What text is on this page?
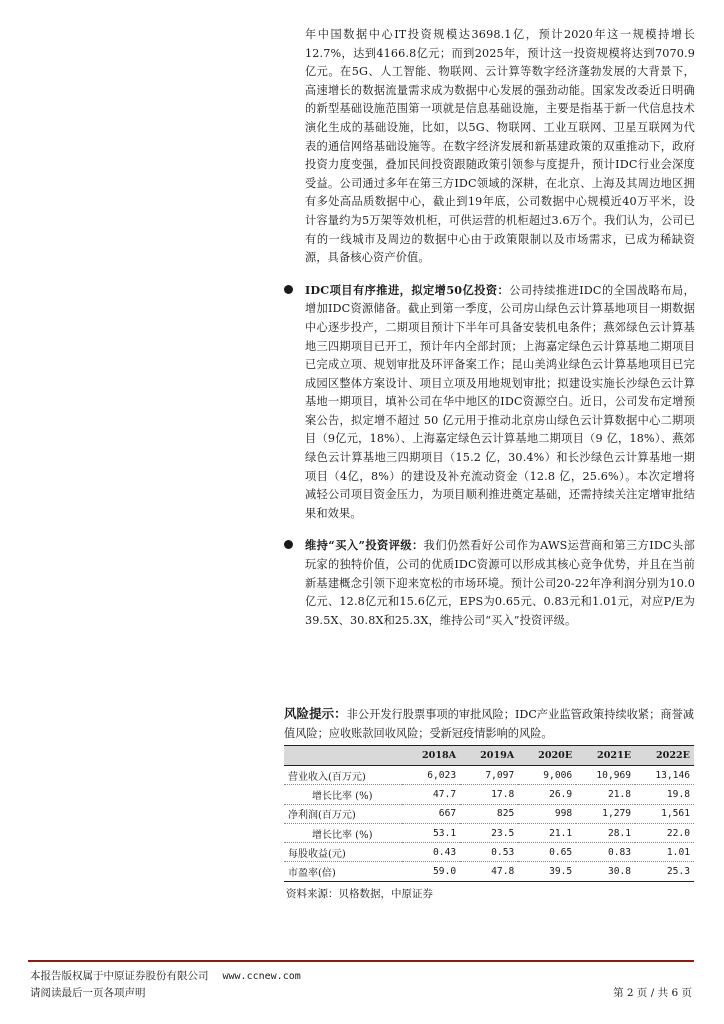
年中国数据中心IT投资规模达3698.1亿，预计2020年这一规模持增长12.7%，达到4166.8亿元；而到2025年，预计这一投资规模将达到7070.9亿元。在5G、人工智能、物联网、云计算等数字经济蓬勃发展的大背景下，高速增长的数据流量需求成为数据中心发展的强劲动能。国家发改委近日明确的新型基础设施范围第一项就是信息基础设施，主要是指基于新一代信息技术演化生成的基础设施，比如，以5G、物联网、工业互联网、卫星互联网为代表的通信网络基础设施等。在数字经济发展和新基建政策的双重推动下，政府投资力度变强，叠加民间投资跟随政策引领参与度提升，预计IDC行业会深度受益。公司通过多年在第三方IDC领域的深耕，在北京、上海及其周边地区拥有多处高品质数据中心，截止到19年底，公司数据中心规模近40万平米，设计容量约为5万架等效机柜，可供运营的机柜超过3.6万个。我们认为，公司已有的一线城市及周边的数据中心由于政策限制以及市场需求，已成为稀缺资源，具备核心资产价值。

IDC项目有序推进，拟定增50亿投资：公司持续推进IDC的全国战略布局，增加IDC资源储备。截止到第一季度，公司房山绿色云计算基地项目一期数据中心逐步投产，二期项目预计下半年可具备安装机电条件；燕郊绿色云计算基地三四期项目已开工，预计年内全部封顶；上海嘉定绿色云计算基地二期项目已完成立项、规划审批及环评备案工作；昆山美鸿业绿色云计算基地项目已完成园区整体方案设计、项目立项及用地规划审批；拟建设实施长沙绿色云计算基地一期项目，填补公司在华中地区的IDC资源空白。近日，公司发布定增预案公告，拟定增不超过 50 亿元用于推动北京房山绿色云计算数据中心二期项目（9亿元，18%）、上海嘉定绿色云计算基地二期项目（9 亿，18%）、燕郊绿色云计算基地三四期项目（15.2 亿，30.4%）和长沙绿色云计算基地一期项目（4亿，8%）的建设及补充流动资金（12.8 亿，25.6%）。本次定增将减轻公司项目资金压力，为项目顺利推进奠定基础，还需持续关注定增审批结果和效果。

维持“买入”投资评级：我们仍然看好公司作为AWS运营商和第三方IDC头部玩家的独特价值，公司的优质IDC资源可以形成其核心竞争优势，并且在当前新基建概念引领下迎来宽松的市场环境。预计公司20-22年净利润分别为10.0亿元、12.8亿元和15.6亿元，EPS为0.65元、0.83元和1.01元，对应P/E为39.5X、30.8X和25.3X，维持公司“买入”投资评级。

风险提示：非公开发行股票事项的审批风险；IDC产业监管政策持续收紧；商誉减值风险；应收账款回收风险；受新冠疫情影响的风险。
	2018A	2019A	2020E	2021E	2022E
营业收入(百万元)	6,023	7,097	9,006	10,969	13,146
增长比率 (%)	47.7	17.8	26.9	21.8	19.8
净利润(百万元)	667	825	998	1,279	1,561
增长比率 (%)	53.1	23.5	21.1	28.1	22.0
每股收益(元)	0.43	0.53	0.65	0.83	1.01
市盈率(倍)	59.0	47.8	39.5	30.8	25.3
资料来源：贝格数据，中原证券
本报告版权属于中原证券股份有限公司 www.ccnew.com
请阅读最后一页各项声明	第 2 页 / 共 6 页
